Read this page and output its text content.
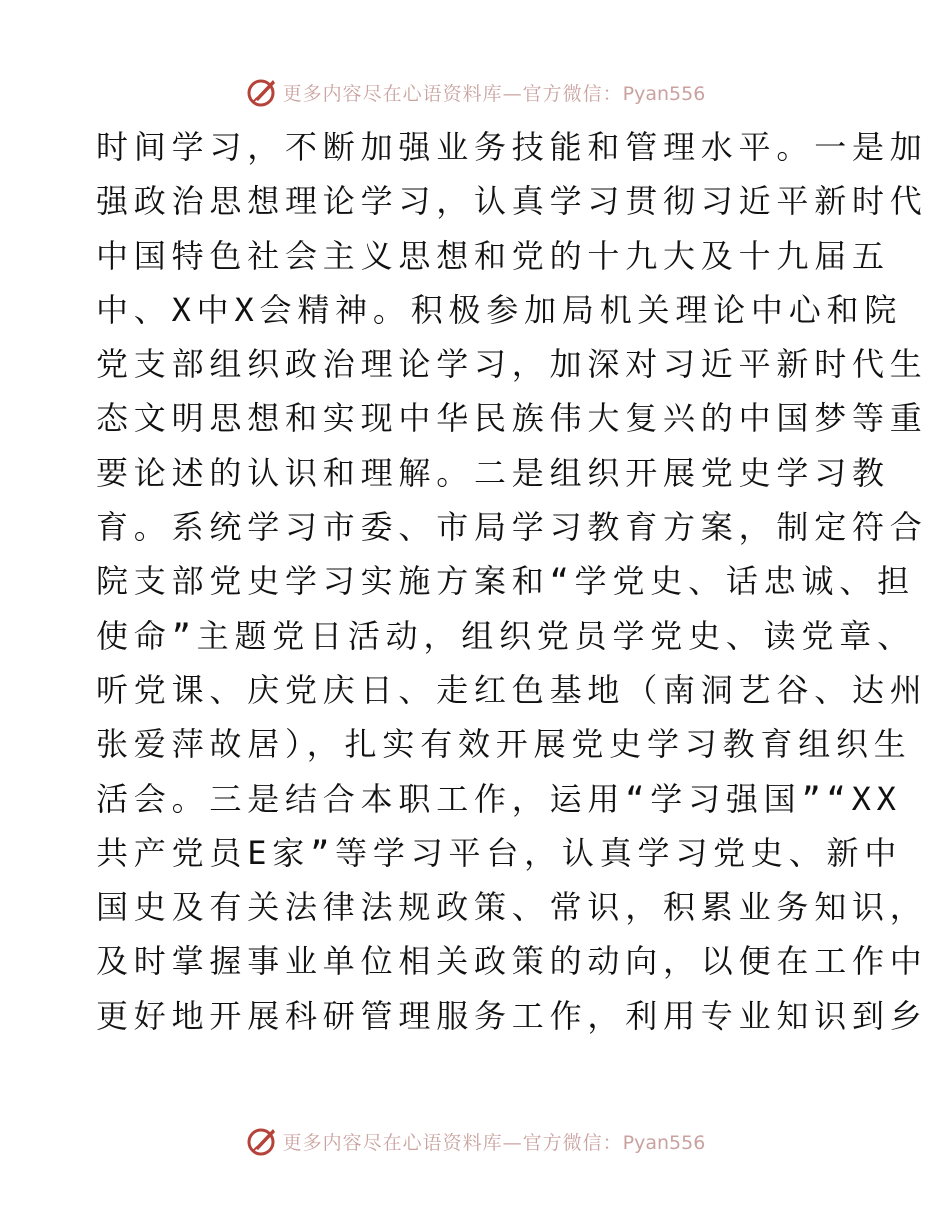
更多内容尽在心语资料库—官方微信：Pyan556
时间学习，不断加强业务技能和管理水平。一是加
强政治思想理论学习，认真学习贯彻习近平新时代
中国特色社会主义思想和党的十九大及十九届五
中、X中X会精神。积极参加局机关理论中心和院
党支部组织政治理论学习，加深对习近平新时代生
态文明思想和实现中华民族伟大复兴的中国梦等重
要论述的认识和理解。二是组织开展党史学习教
育。系统学习市委、市局学习教育方案，制定符合
院支部党史学习实施方案和“学党史、话忠诚、担
使命”主题党日活动，组织党员学党史、读党章、
听党课、庆党庆日、走红色基地（南洞艺谷、达州
张爱萍故居），扎实有效开展党史学习教育组织生
活会。三是结合本职工作，运用“学习强国”“XX
共产党员E家”等学习平台，认真学习党史、新中
国史及有关法律法规政策、常识，积累业务知识，
及时掌握事业单位相关政策的动向，以便在工作中
更好地开展科研管理服务工作，利用专业知识到乡
更多内容尽在心语资料库—官方微信：Pyan556
